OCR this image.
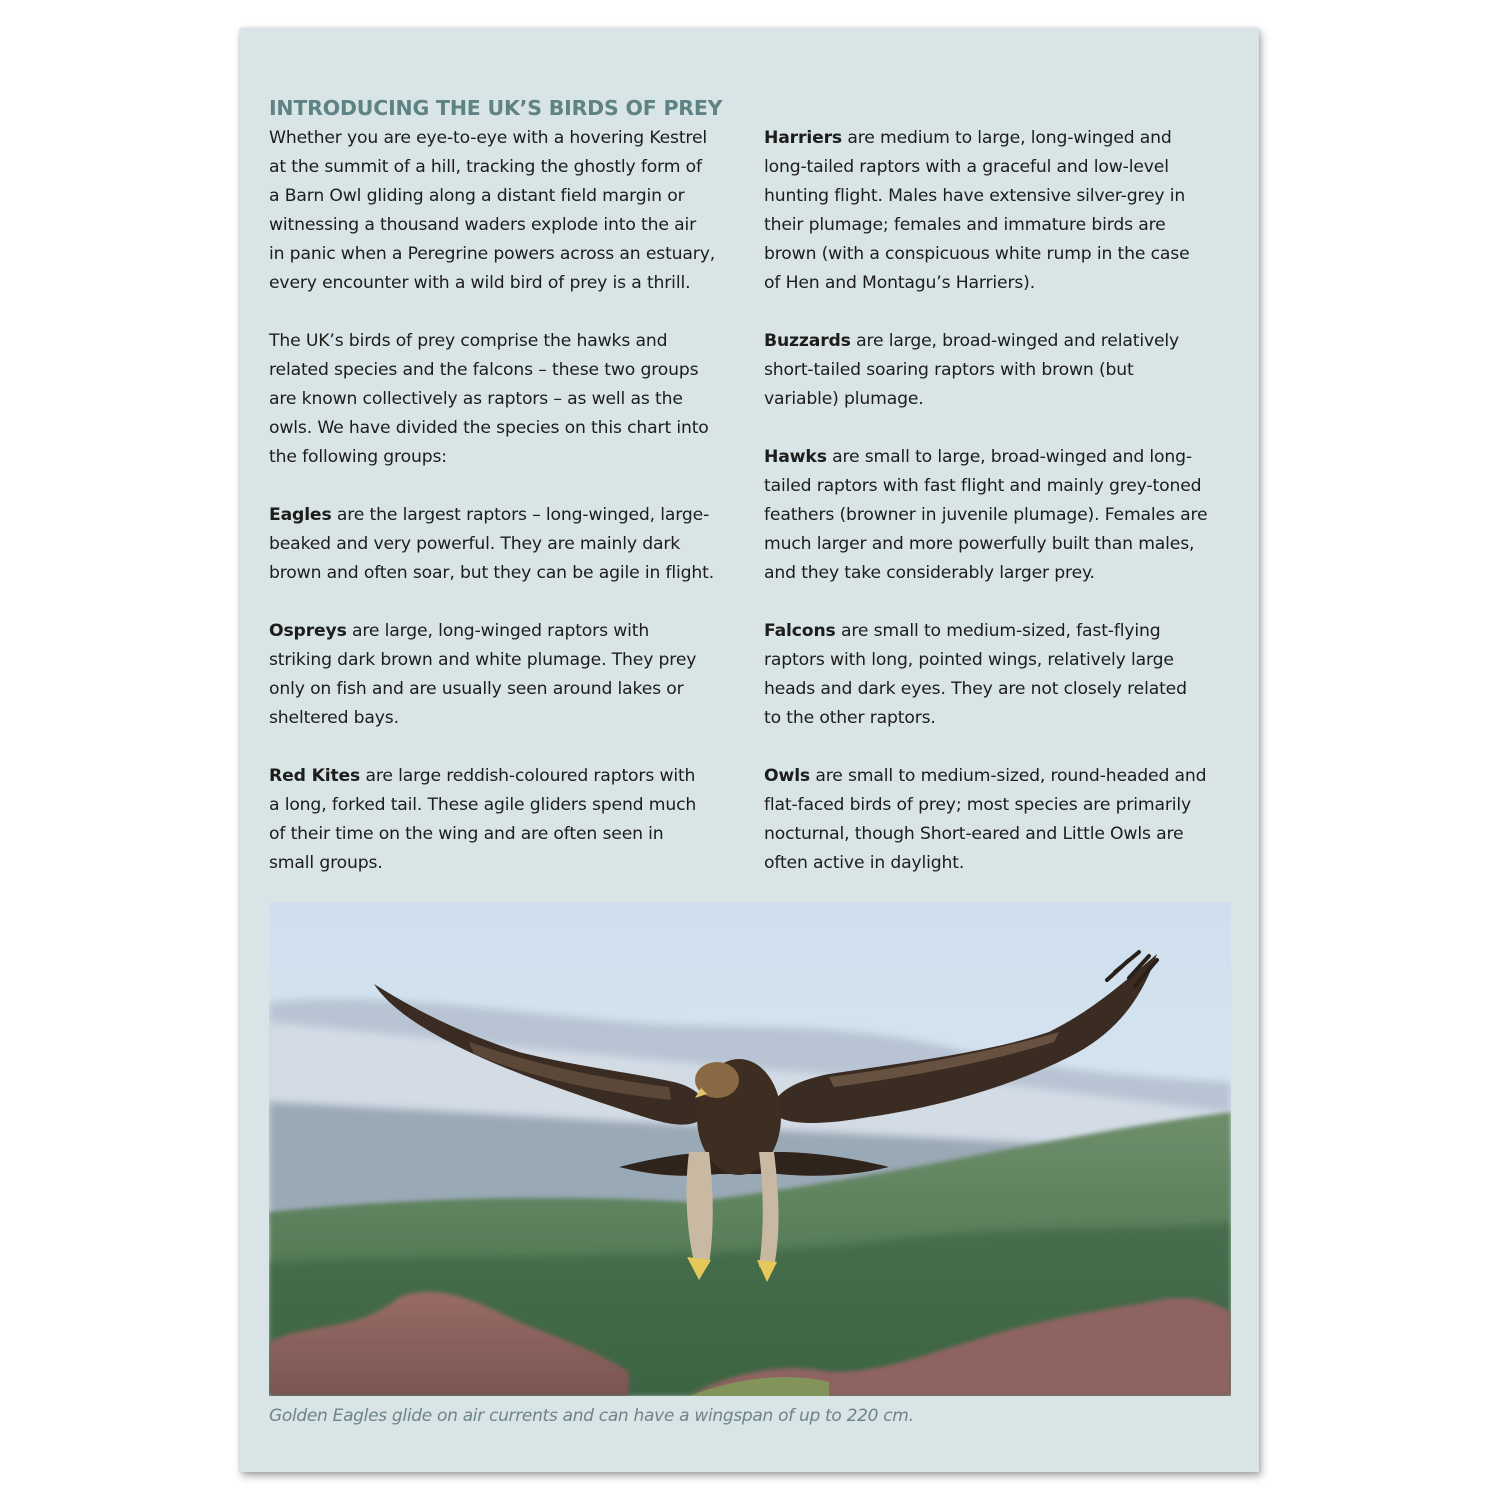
INTRODUCING THE UK’S BIRDS OF PREY

Whether you are eye-to-eye with a hovering Kestrel
at the summit of a hill, tracking the ghostly form of
a Barn Owl gliding along a distant field margin or
witnessing a thousand waders explode into the air
in panic when a Peregrine powers across an estuary,
every encounter with a wild bird of prey is a thrill.

The UK’s birds of prey comprise the hawks and
related species and the falcons – these two groups
are known collectively as raptors – as well as the
owls. We have divided the species on this chart into
the following groups:

Eagles are the largest raptors – long-winged, large-
beaked and very powerful. They are mainly dark
brown and often soar, but they can be agile in flight.

Ospreys are large, long-winged raptors with
striking dark brown and white plumage. They prey
only on fish and are usually seen around lakes or
sheltered bays.

Red Kites are large reddish-coloured raptors with
a long, forked tail. These agile gliders spend much
of their time on the wing and are often seen in
small groups.

Harriers are medium to large, long-winged and
long-tailed raptors with a graceful and low-level
hunting flight. Males have extensive silver-grey in
their plumage; females and immature birds are
brown (with a conspicuous white rump in the case
of Hen and Montagu’s Harriers).

Buzzards are large, broad-winged and relatively
short-tailed soaring raptors with brown (but
variable) plumage.

Hawks are small to large, broad-winged and long-
tailed raptors with fast flight and mainly grey-toned
feathers (browner in juvenile plumage). Females are
much larger and more powerfully built than males,
and they take considerably larger prey.

Falcons are small to medium-sized, fast-flying
raptors with long, pointed wings, relatively large
heads and dark eyes. They are not closely related
to the other raptors.

Owls are small to medium-sized, round-headed and
flat-faced birds of prey; most species are primarily
nocturnal, though Short-eared and Little Owls are
often active in daylight.

Golden Eagles glide on air currents and can have a wingspan of up to 220 cm.
